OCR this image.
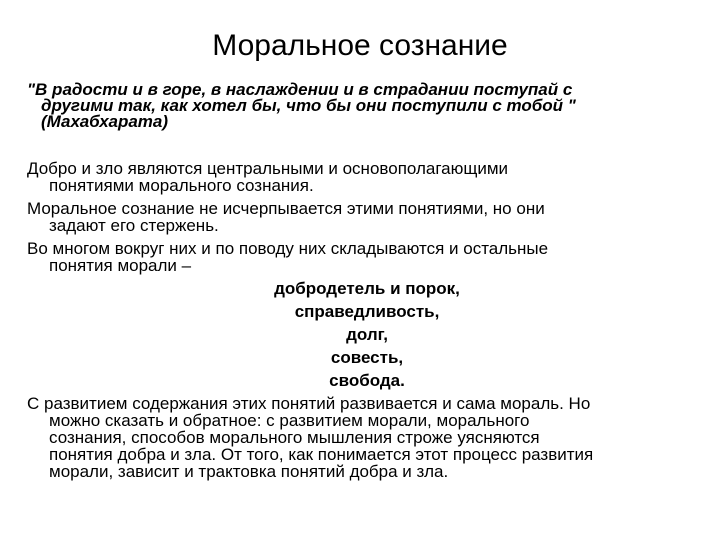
Моральное сознание
"В радости и в горе, в наслаждении и в страдании поступай с
другими так, как хотел бы, что бы они поступили с тобой "
(Махабхарата)
Добро и зло являются центральными и основополагающими
понятиями морального сознания.
Моральное сознание не исчерпывается этими понятиями, но они
задают его стержень.
Во многом вокруг них и по поводу них складываются и остальные
понятия морали –
добродетель и порок,
справедливость,
долг,
совесть,
свобода.
С развитием содержания этих понятий развивается и сама мораль. Но
можно сказать и обратное: с развитием морали, морального
сознания, способов морального мышления строже уясняются
понятия добра и зла. От того, как понимается этот процесс развития
морали, зависит и трактовка понятий добра и зла.
